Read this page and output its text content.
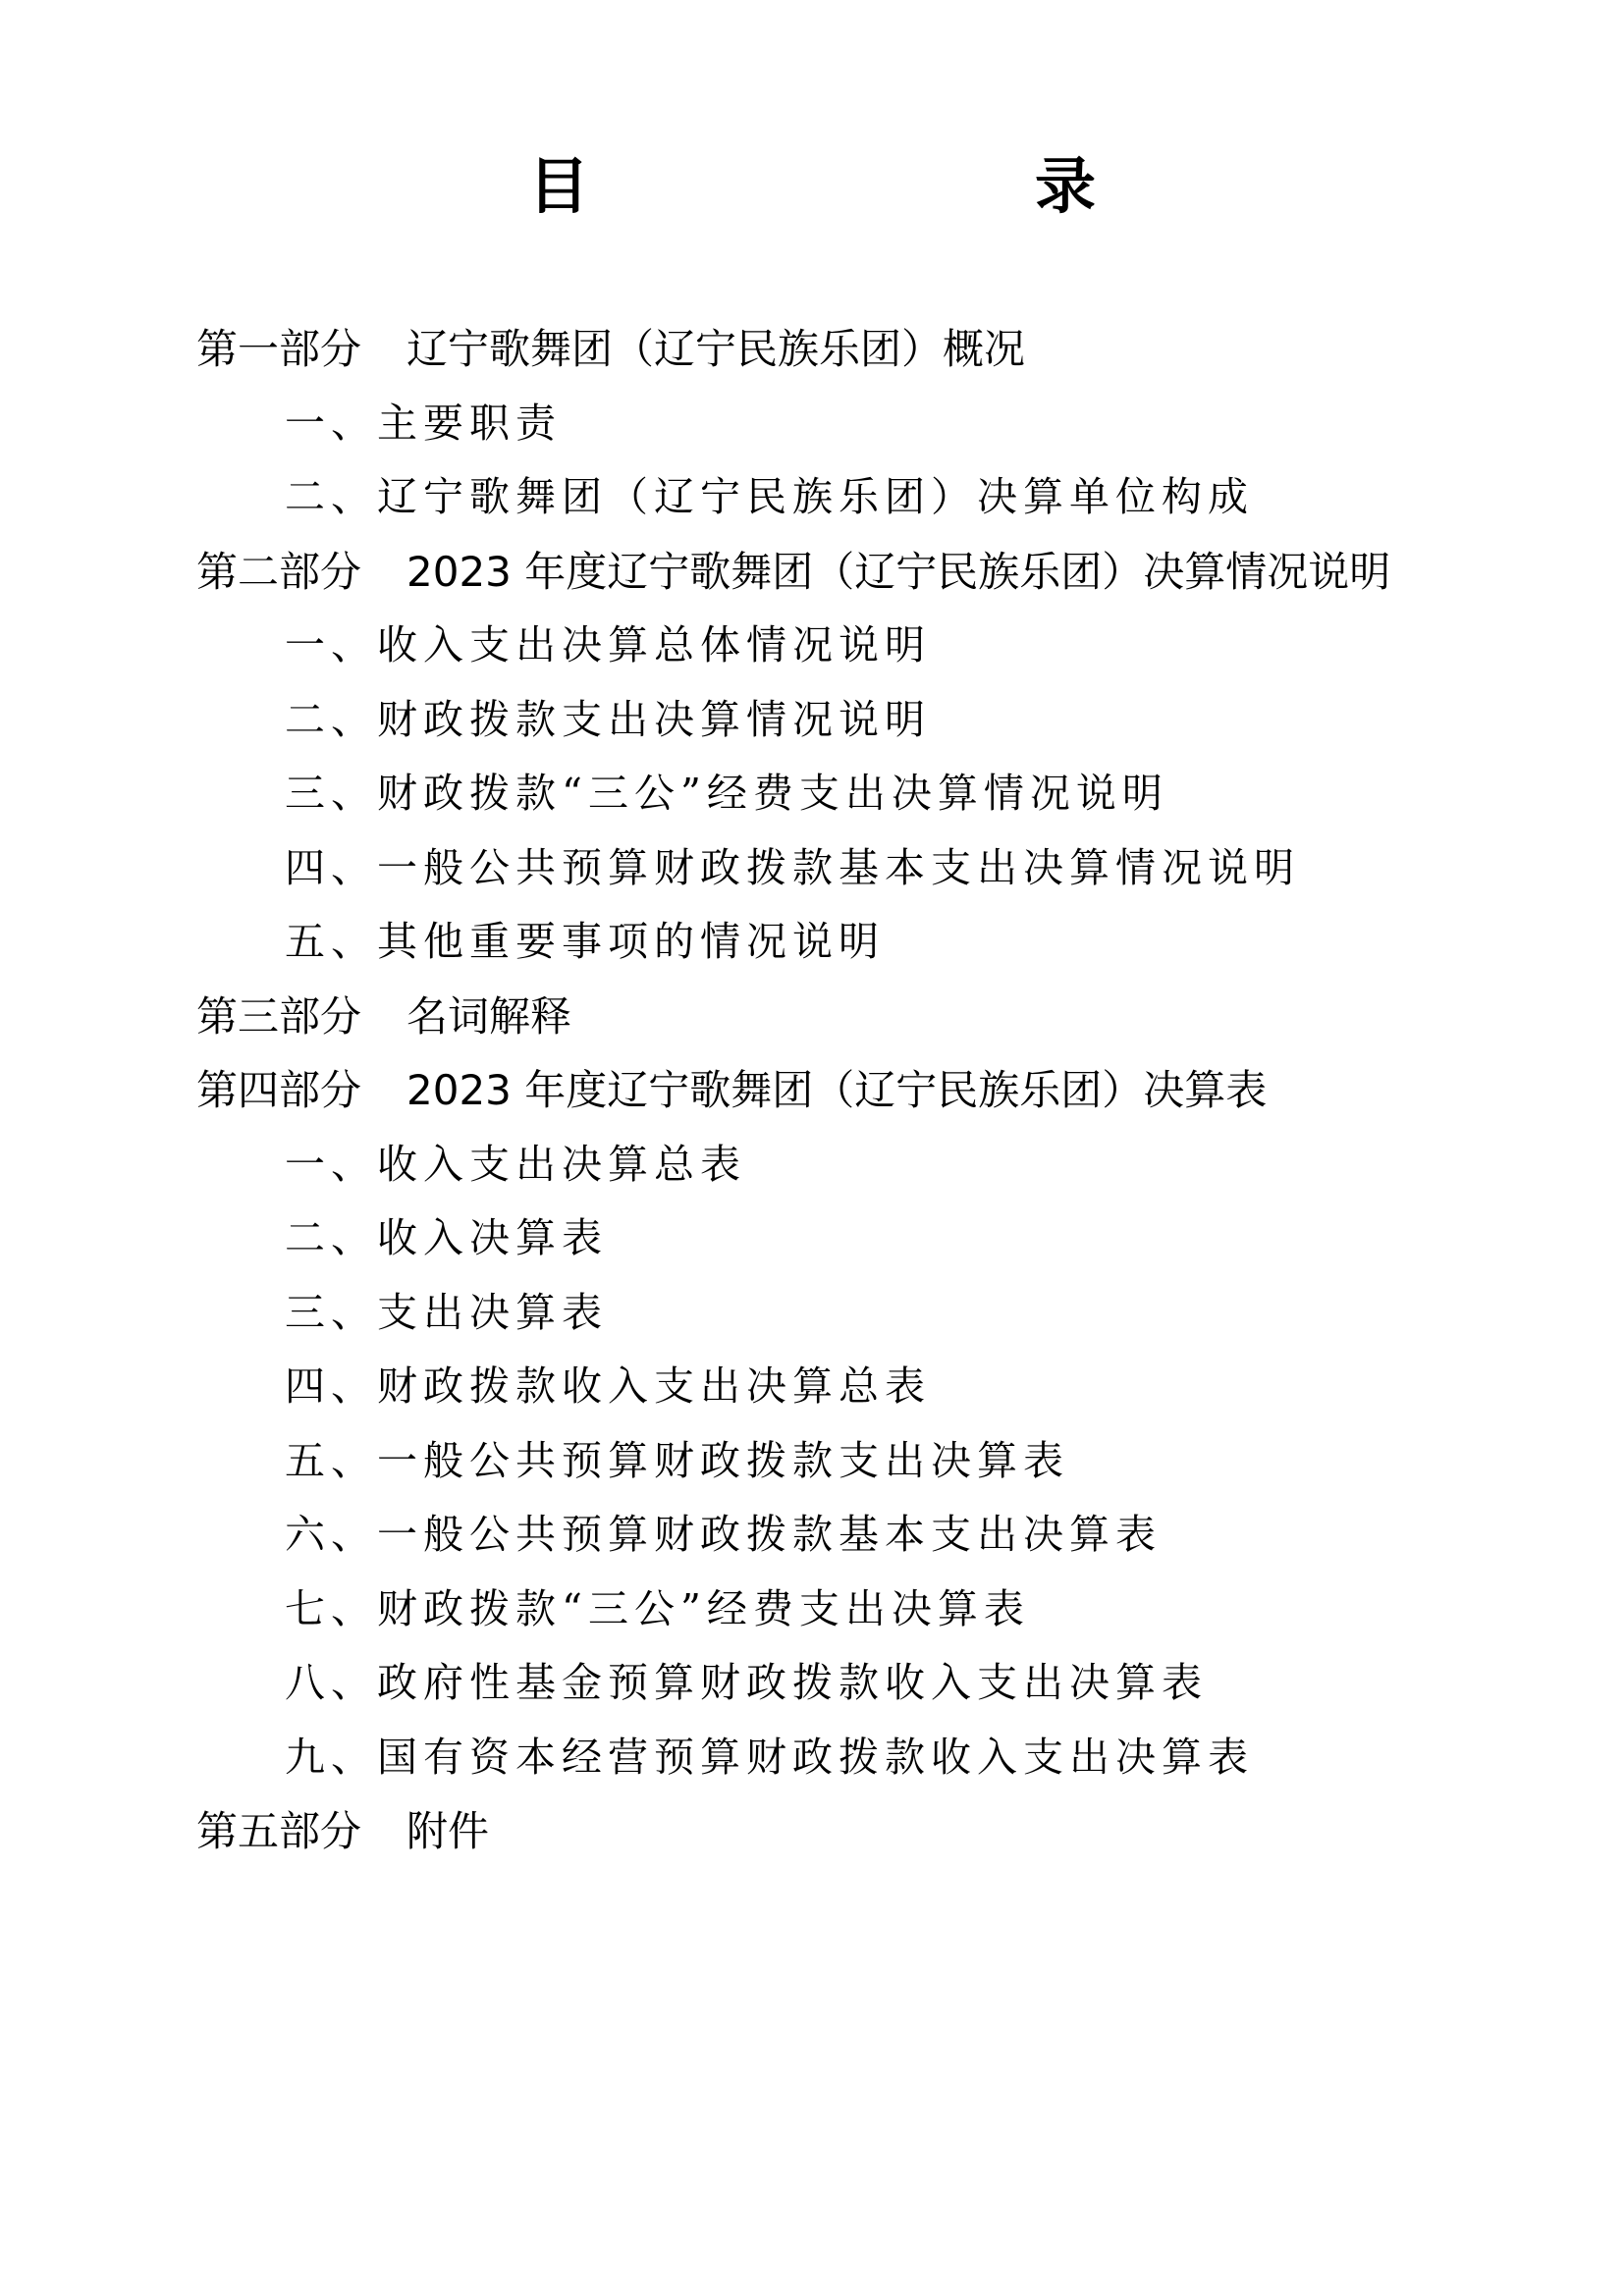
目　　录
第一部分 辽宁歌舞团（辽宁民族乐团）概况
一、主要职责
二、辽宁歌舞团（辽宁民族乐团）决算单位构成
第二部分 2023 年度辽宁歌舞团（辽宁民族乐团）决算情况说明
一、收入支出决算总体情况说明
二、财政拨款支出决算情况说明
三、财政拨款“三公”经费支出决算情况说明
四、一般公共预算财政拨款基本支出决算情况说明
五、其他重要事项的情况说明
第三部分 名词解释
第四部分 2023 年度辽宁歌舞团（辽宁民族乐团）决算表
一、收入支出决算总表
二、收入决算表
三、支出决算表
四、财政拨款收入支出决算总表
五、一般公共预算财政拨款支出决算表
六、一般公共预算财政拨款基本支出决算表
七、财政拨款“三公”经费支出决算表
八、政府性基金预算财政拨款收入支出决算表
九、国有资本经营预算财政拨款收入支出决算表
第五部分 附件
